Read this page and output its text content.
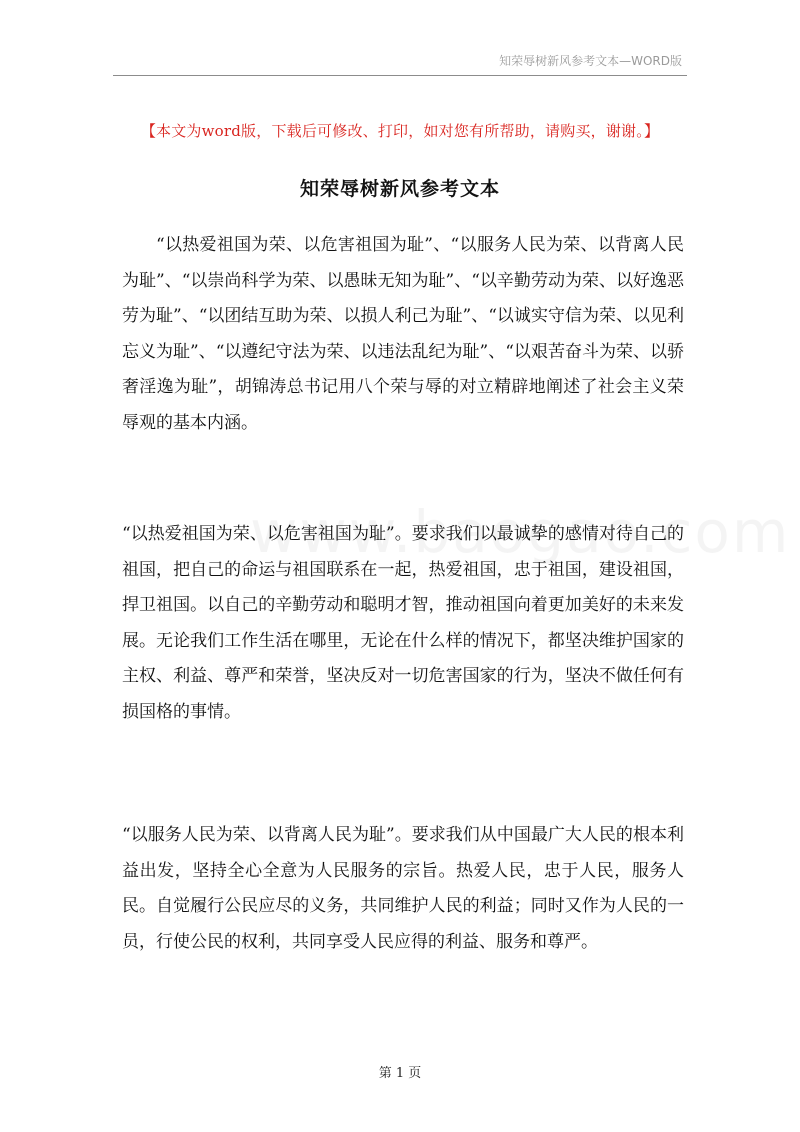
知荣辱树新风参考文本—WORD版
【本文为word版，下载后可修改、打印，如对您有所帮助，请购买，谢谢。】
知荣辱树新风参考文本

“以热爱祖国为荣、以危害祖国为耻”、“以服务人民为荣、以背离人民为耻”、“以崇尚科学为荣、以愚昧无知为耻”、“以辛勤劳动为荣、以好逸恶劳为耻”、“以团结互助为荣、以损人利己为耻”、“以诚实守信为荣、以见利忘义为耻”、“以遵纪守法为荣、以违法乱纪为耻”、“以艰苦奋斗为荣、以骄奢淫逸为耻”，胡锦涛总书记用八个荣与辱的对立精辟地阐述了社会主义荣辱观的基本内涵。

“以热爱祖国为荣、以危害祖国为耻”。要求我们以最诚挚的感情对待自己的祖国，把自己的命运与祖国联系在一起，热爱祖国，忠于祖国，建设祖国，捍卫祖国。以自己的辛勤劳动和聪明才智，推动祖国向着更加美好的未来发展。无论我们工作生活在哪里，无论在什么样的情况下，都坚决维护国家的主权、利益、尊严和荣誉，坚决反对一切危害国家的行为，坚决不做任何有损国格的事情。

“以服务人民为荣、以背离人民为耻”。要求我们从中国最广大人民的根本利益出发，坚持全心全意为人民服务的宗旨。热爱人民，忠于人民，服务人民。自觉履行公民应尽的义务，共同维护人民的利益；同时又作为人民的一员，行使公民的权利，共同享受人民应得的利益、服务和尊严。

第 1 页
